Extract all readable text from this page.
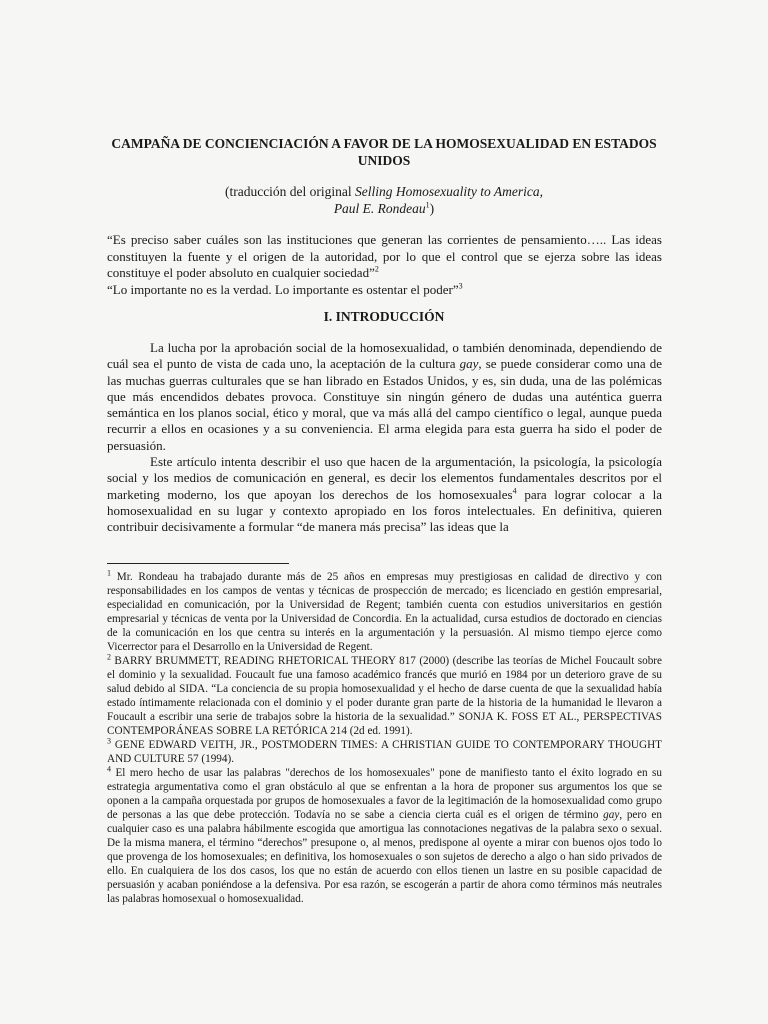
CAMPAÑA DE CONCIENCIACIÓN A FAVOR DE LA HOMOSEXUALIDAD EN ESTADOS UNIDOS
(traducción del original Selling Homosexuality to America,
Paul E. Rondeau$^1$)

“Es preciso saber cuáles son las instituciones que generan las corrientes de pensamiento….. Las ideas constituyen la fuente y el origen de la autoridad, por lo que el control que se ejerza sobre las ideas constituye el poder absoluto en cualquier sociedad”$^2$

“Lo importante no es la verdad. Lo importante es ostentar el poder”$^3$

I. INTRODUCCIÓN

La lucha por la aprobación social de la homosexualidad, o también denominada, dependiendo de cuál sea el punto de vista de cada uno, la aceptación de la cultura gay, se puede considerar como una de las muchas guerras culturales que se han librado en Estados Unidos, y es, sin duda, una de las polémicas que más encendidos debates provoca. Constituye sin ningún género de dudas una auténtica guerra semántica en los planos social, ético y moral, que va más allá del campo científico o legal, aunque pueda recurrir a ellos en ocasiones y a su conveniencia. El arma elegida para esta guerra ha sido el poder de persuasión.

Este artículo intenta describir el uso que hacen de la argumentación, la psicología, la psicología social y los medios de comunicación en general, es decir los elementos fundamentales descritos por el marketing moderno, los que apoyan los derechos de los homosexuales$^4$ para lograr colocar a la homosexualidad en su lugar y contexto apropiado en los foros intelectuales. En definitiva, quieren contribuir decisivamente a formular “de manera más precisa” las ideas que la

$^1$ Mr. Rondeau ha trabajado durante más de 25 años en empresas muy prestigiosas en calidad de directivo y con responsabilidades en los campos de ventas y técnicas de prospección de mercado; es licenciado en gestión empresarial, especialidad en comunicación, por la Universidad de Regent; también cuenta con estudios universitarios en gestión empresarial y técnicas de venta por la Universidad de Concordia. En la actualidad, cursa estudios de doctorado en ciencias de la comunicación en los que centra su interés en la argumentación y la persuasión. Al mismo tiempo ejerce como Vicerrector para el Desarrollo en la Universidad de Regent.

$^2$ BARRY BRUMMETT, READING RHETORICAL THEORY 817 (2000) (describe las teorías de Michel Foucault sobre el dominio y la sexualidad. Foucault fue una famoso académico francés que murió en 1984 por un deterioro grave de su salud debido al SIDA. “La conciencia de su propia homosexualidad y el hecho de darse cuenta de que la sexualidad había estado íntimamente relacionada con el dominio y el poder durante gran parte de la historia de la humanidad le llevaron a Foucault a escribir una serie de trabajos sobre la historia de la sexualidad.” SONJA K. FOSS ET AL., PERSPECTIVAS CONTEMPORÁNEAS SOBRE LA RETÓRICA 214 (2d ed. 1991).

$^3$ GENE EDWARD VEITH, JR., POSTMODERN TIMES: A CHRISTIAN GUIDE TO CONTEMPORARY THOUGHT AND CULTURE 57 (1994).

$^4$ El mero hecho de usar las palabras "derechos de los homosexuales" pone de manifiesto tanto el éxito logrado en su estrategia argumentativa como el gran obstáculo al que se enfrentan a la hora de proponer sus argumentos los que se oponen a la campaña orquestada por grupos de homosexuales a favor de la legitimación de la homosexualidad como grupo de personas a las que debe protección. Todavía no se sabe a ciencia cierta cuál es el origen de término gay, pero en cualquier caso es una palabra hábilmente escogida que amortigua las connotaciones negativas de la palabra sexo o sexual. De la misma manera, el término “derechos” presupone o, al menos, predispone al oyente a mirar con buenos ojos todo lo que provenga de los homosexuales; en definitiva, los homosexuales o son sujetos de derecho a algo o han sido privados de ello. En cualquiera de los dos casos, los que no están de acuerdo con ellos tienen un lastre en su posible capacidad de persuasión y acaban poniéndose a la defensiva. Por esa razón, se escogerán a partir de ahora como términos más neutrales las palabras homosexual o homosexualidad.
